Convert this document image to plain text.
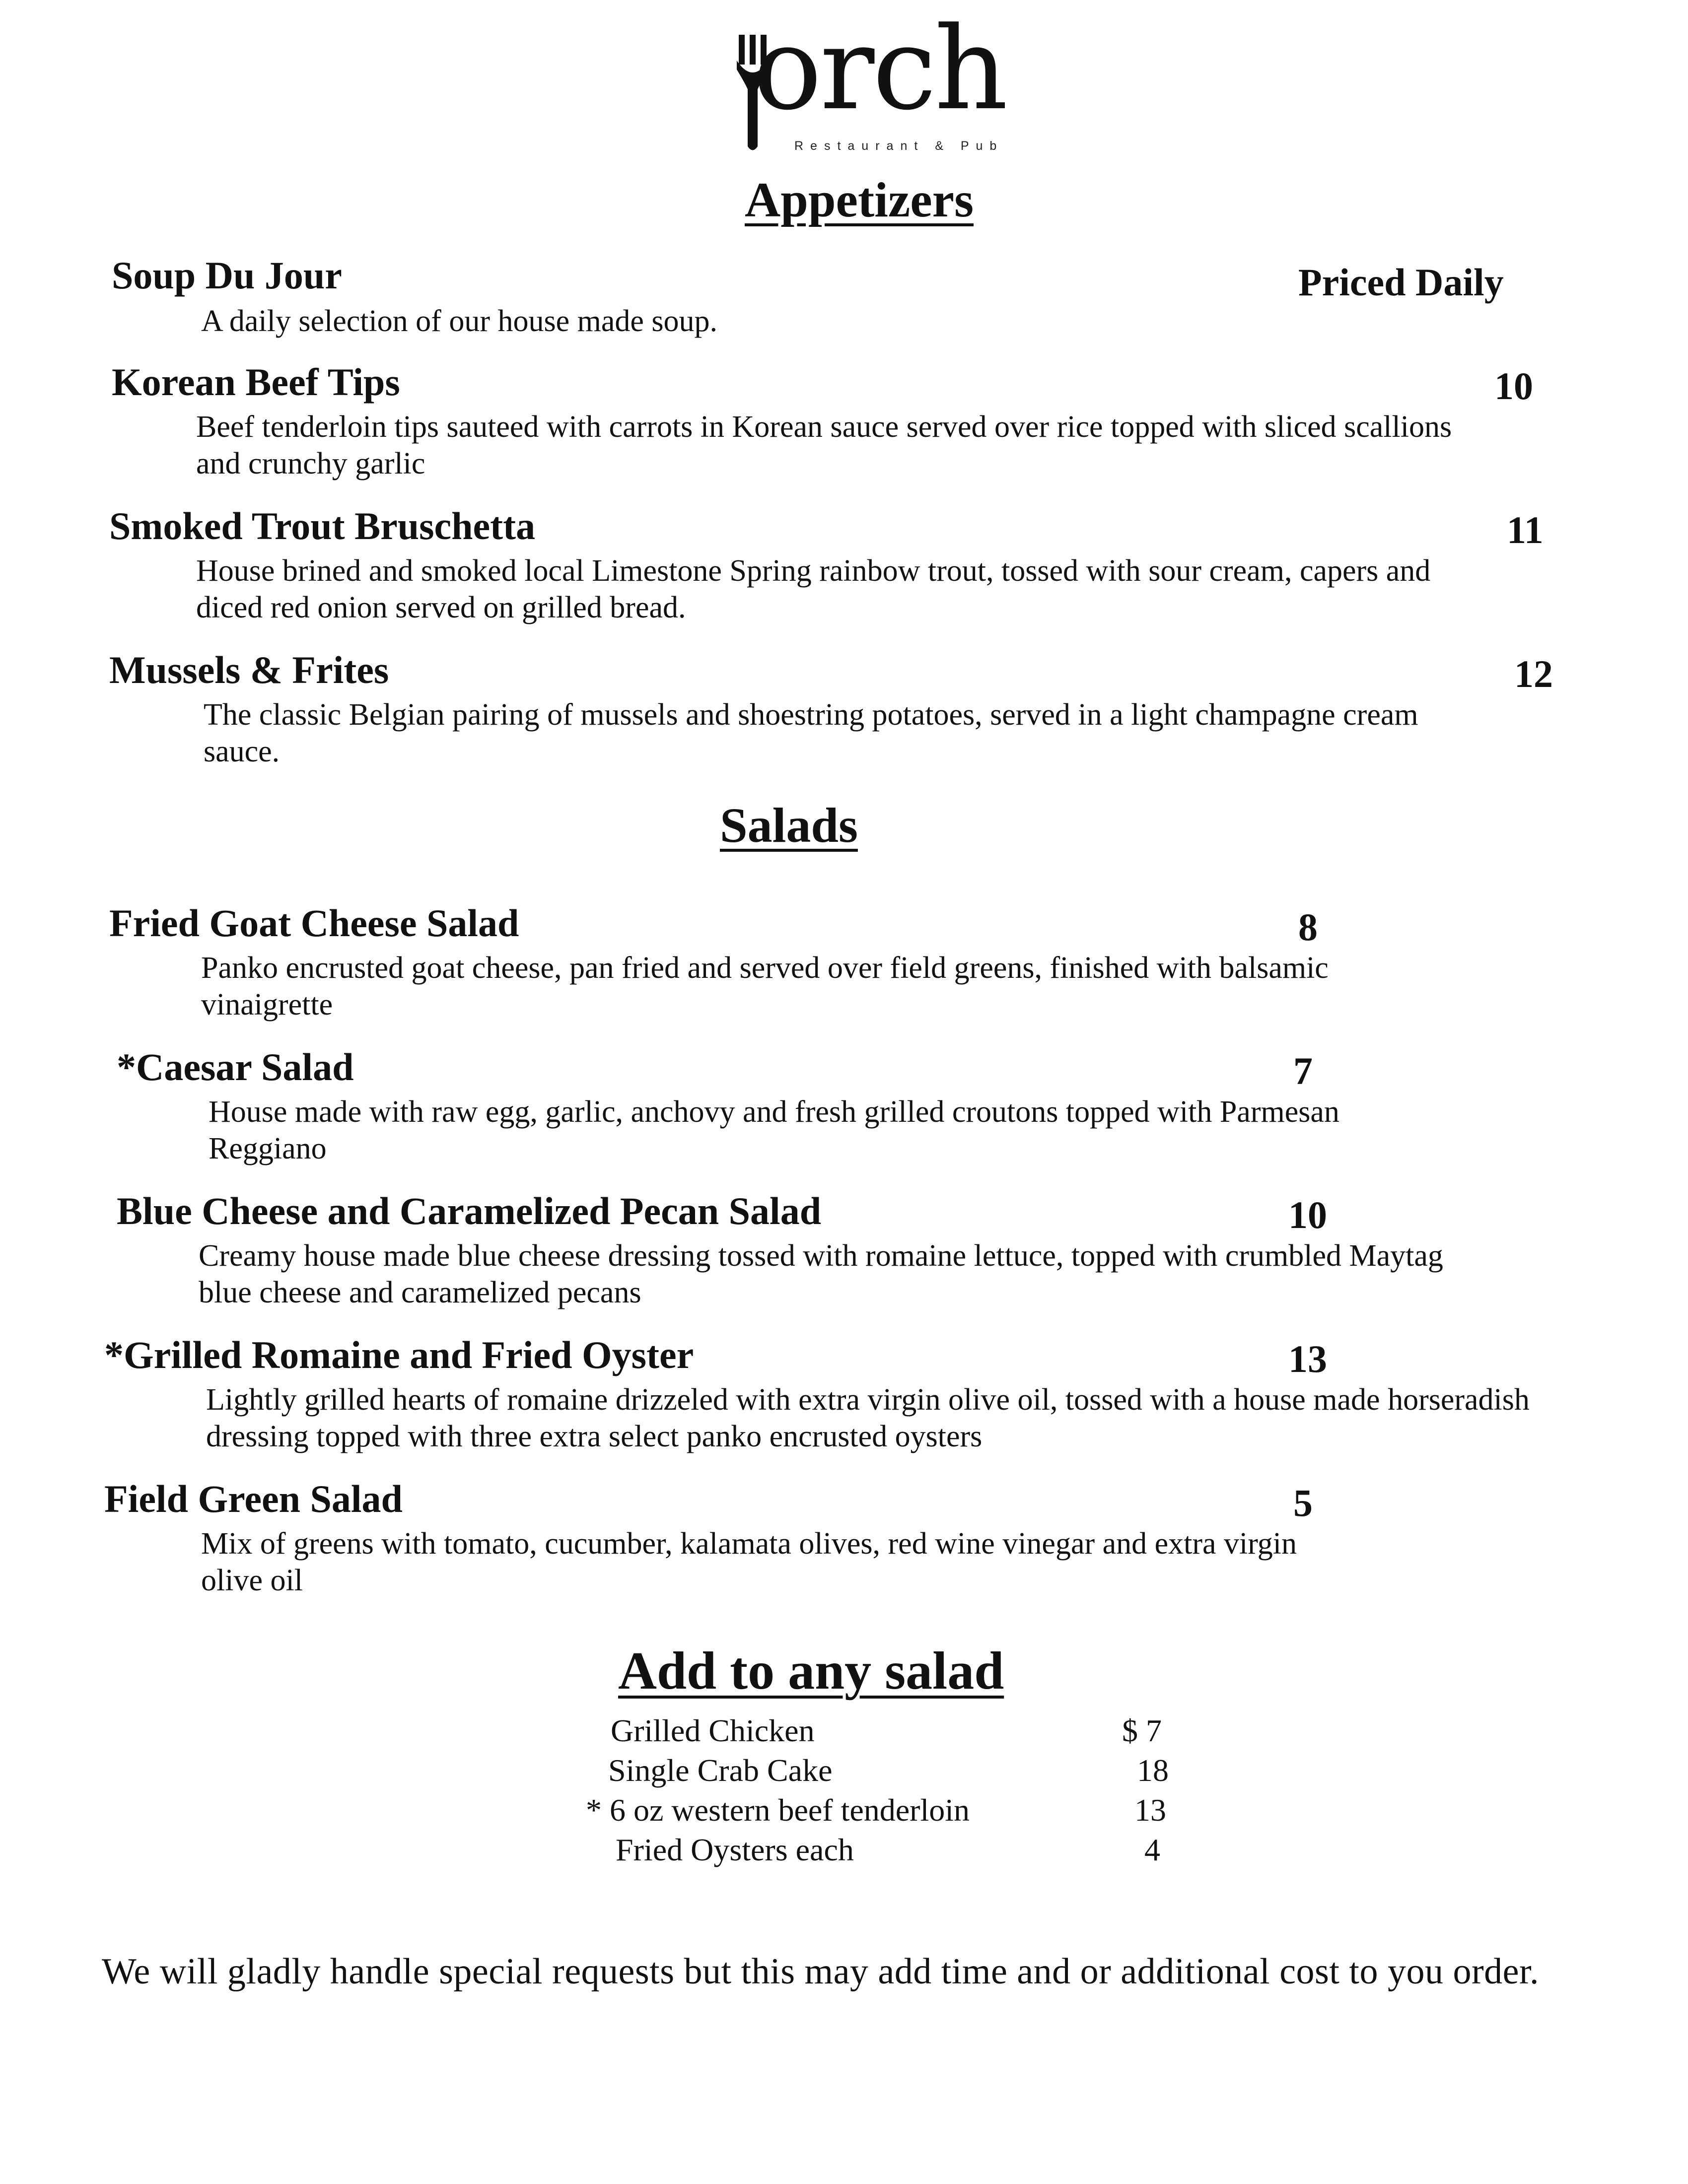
orch
Restaurant & Pub
Appetizers
Soup Du Jour	Priced Daily
A daily selection of our house made soup.
Korean Beef Tips	10
Beef tenderloin tips sauteed with carrots in Korean sauce served over rice topped with sliced scallions and crunchy garlic
Smoked Trout Bruschetta	11
House brined and smoked local Limestone Spring rainbow trout, tossed with sour cream, capers and diced red onion served on grilled bread.
Mussels & Frites	12
The classic Belgian pairing of mussels and shoestring potatoes, served in a light champagne cream sauce.
Salads
Fried Goat Cheese Salad	8
Panko encrusted goat cheese, pan fried and served over field greens, finished with balsamic vinaigrette
*Caesar Salad	7
House made with raw egg, garlic, anchovy and fresh grilled croutons topped with Parmesan Reggiano
Blue Cheese and Caramelized Pecan Salad	10
Creamy house made blue cheese dressing tossed with romaine lettuce, topped with crumbled Maytag blue cheese and caramelized pecans
*Grilled Romaine and Fried Oyster	13
Lightly grilled hearts of romaine drizzeled with extra virgin olive oil, tossed with a house made horseradish dressing topped with three extra select panko encrusted oysters
Field Green Salad	5
Mix of greens with tomato, cucumber, kalamata olives, red wine vinegar and extra virgin olive oil
Add to any salad
Grilled Chicken	$ 7
Single Crab Cake	18
* 6 oz western beef tenderloin	13
Fried Oysters each	4
We will gladly handle special requests but this may add time and or additional cost to you order.
